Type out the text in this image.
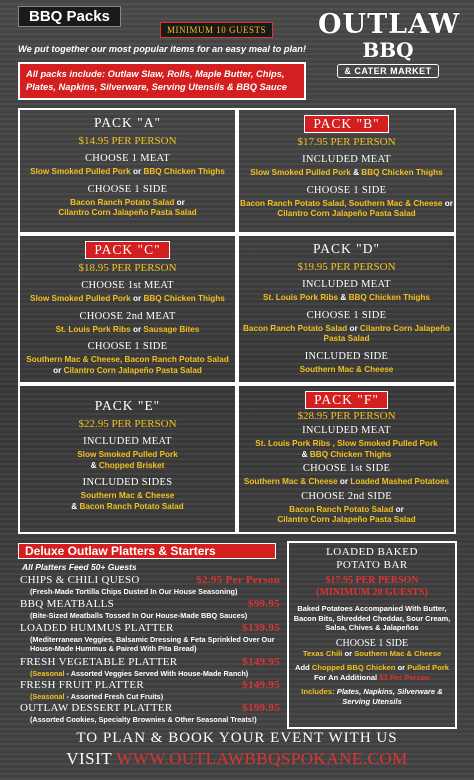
BBQ Packs
MINIMUM 10 GUESTS
We put together our most popular items for an easy meal to plan!
OUTLAW
BBQ
& CATER MARKET
All packs include: Outlaw Slaw, Rolls, Maple Butter, Chips, Plates, Napkins, Silverware, Serving Utensils & BBQ Sauce
PACK "A"
$14.95 PER PERSON
CHOOSE 1 MEAT
Slow Smoked Pulled Pork or BBQ Chicken Thighs
CHOOSE 1 SIDE
Bacon Ranch Potato Salad or
Cilantro Corn Jalapeño Pasta Salad
PACK "B"
$17.95 PER PERSON
INCLUDED MEAT
Slow Smoked Pulled Pork & BBQ Chicken Thighs
CHOOSE 1 SIDE
Bacon Ranch Potato Salad, Southern Mac & Cheese or
Cilantro Corn Jalapeño Pasta Salad
PACK "C"
$18.95 PER PERSON
CHOOSE 1st MEAT
Slow Smoked Pulled Pork or BBQ Chicken Thighs
CHOOSE 2nd MEAT
St. Louis Pork Ribs or Sausage Bites
CHOOSE 1 SIDE
Southern Mac & Cheese, Bacon Ranch Potato Salad
or Cilantro Corn Jalapeño Pasta Salad
PACK "D"
$19.95 PER PERSON
INCLUDED MEAT
St. Louis Pork Ribs & BBQ Chicken Thighs
CHOOSE 1 SIDE
Bacon Ranch Potato Salad or Cilantro Corn Jalapeño Pasta Salad
INCLUDED SIDE
Southern Mac & Cheese
PACK "E"
$22.95 PER PERSON
INCLUDED MEAT
Slow Smoked Pulled Pork
& Chopped Brisket
INCLUDED SIDES
Southern Mac & Cheese
& Bacon Ranch Potato Salad
PACK "F"
$28.95 PER PERSON
INCLUDED MEAT
St. Louis Pork Ribs , Slow Smoked Pulled Pork
& BBQ Chicken Thighs
CHOOSE 1st SIDE
Southern Mac & Cheese or Loaded Mashed Potatoes
CHOOSE 2nd SIDE
Bacon Ranch Potato Salad or
Cilantro Corn Jalapeño Pasta Salad
Deluxe Outlaw Platters & Starters
All Platters Feed 50+ Guests
CHIPS & CHILI QUESO	$2.95 Per Person
(Fresh-Made Tortilla Chips Dusted In Our House Seasoning)
BBQ MEATBALLS	$99.95
(Bite-Sized Meatballs Tossed In Our House-Made BBQ Sauces)
LOADED HUMMUS PLATTER	$139.95
(Mediterranean Veggies, Balsamic Dressing & Feta Sprinkled Over Our House-Made Hummus & Paired With Pita Bread)
FRESH VEGETABLE PLATTER	$149.95
(Seasonal - Assorted Veggies Served With House-Made Ranch)
FRESH FRUIT PLATTER	$149.95
(Seasonal - Assorted Fresh Cut Fruits)
OUTLAW DESSERT PLATTER	$199.95
(Assorted Cookies, Specialty Brownies & Other Seasonal Treats!)
LOADED BAKED
POTATO BAR
$17.95 PER PERSON
(MINIMUM 20 GUESTS)
Baked Potatoes Accompanied With Butter, Bacon Bits, Shredded Cheddar, Sour Cream, Salsa, Chives & Jalapeños
CHOOSE 1 SIDE
Texas Chili or Southern Mac & Cheese
Add Chopped BBQ Chicken or Pulled Pork For An Additional $3 Per Person
Includes: Plates, Napkins, Silverware & Serving Utensils
TO PLAN & BOOK YOUR EVENT WITH US
VISIT WWW.OUTLAWBBQSPOKANE.COM
